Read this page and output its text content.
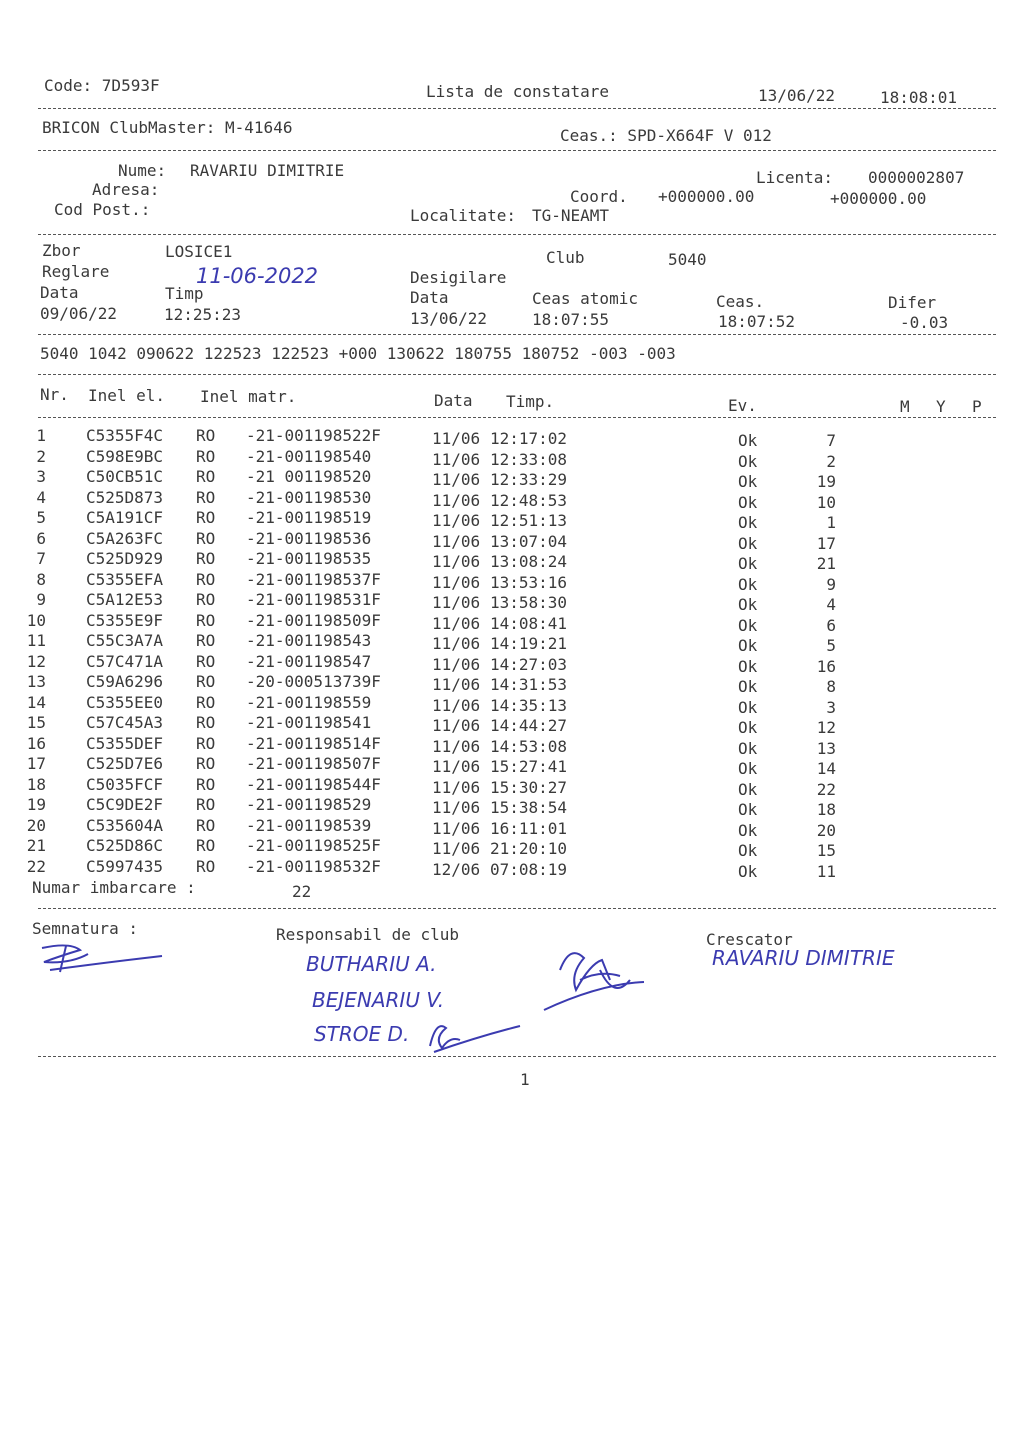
Code: 7D593F	Lista de constatare	13/06/22	18:08:01
BRICON ClubMaster: M-41646	Ceas.: SPD-X664F V 012
Nume: RAVARIU DIMITRIE
Adresa:
Cod Post.:
Licenta: 0000002807
Coord. +000000.00	+000000.00
Localitate: TG-NEAMT
Zbor	LOSICE1	Club	5040
Reglare	11-06-2022	Desigilare
Data	Timp	Data	Ceas atomic	Ceas.	Difer
09/06/22	12:25:23	13/06/22	18:07:55	18:07:52	-0.03
5040 1042 090622 122523 122523 +000 130622 180755 180752 -003 -003
Nr. Inel el. Inel matr.	Data Timp.	Ev.	M Y P
1	C5355F4C RO -21-001198522F	11/06 12:17:02	Ok	7
2	C598E9BC RO -21-001198540	11/06 12:33:08	Ok	2
3	C50CB51C RO -21 001198520	11/06 12:33:29	Ok	19
4	C525D873 RO -21-001198530	11/06 12:48:53	Ok	10
5	C5A191CF RO -21-001198519	11/06 12:51:13	Ok	1
6	C5A263FC RO -21-001198536	11/06 13:07:04	Ok	17
7	C525D929 RO -21-001198535	11/06 13:08:24	Ok	21
8	C5355EFA RO -21-001198537F	11/06 13:53:16	Ok	9
9	C5A12E53 RO -21-001198531F	11/06 13:58:30	Ok	4
10	C5355E9F RO -21-001198509F	11/06 14:08:41	Ok	6
11	C55C3A7A RO -21-001198543	11/06 14:19:21	Ok	5
12	C57C471A RO -21-001198547	11/06 14:27:03	Ok	16
13	C59A6296 RO -20-000513739F	11/06 14:31:53	Ok	8
14	C5355EE0 RO -21-001198559	11/06 14:35:13	Ok	3
15	C57C45A3 RO -21-001198541	11/06 14:44:27	Ok	12
16	C5355DEF RO -21-001198514F	11/06 14:53:08	Ok	13
17	C525D7E6 RO -21-001198507F	11/06 15:27:41	Ok	14
18	C5035FCF RO -21-001198544F	11/06 15:30:27	Ok	22
19	C5C9DE2F RO -21-001198529	11/06 15:38:54	Ok	18
20	C535604A RO -21-001198539	11/06 16:11:01	Ok	20
21	C525D86C RO -21-001198525F	11/06 21:20:10	Ok	15
22	C5997435 RO -21-001198532F	12/06 07:08:19	Ok	11
Numar imbarcare :	22
Semnatura :	Responsabil de club	Crescator
BUTHARIU A.
BEJENARIU V.
STROE D.
RAVARIU DIMITRIE
1
